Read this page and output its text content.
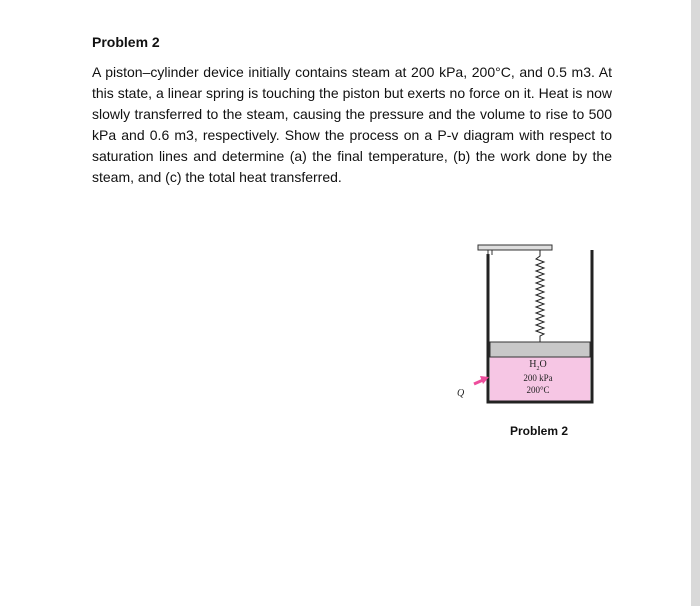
Problem 2

A piston–cylinder device initially contains steam at 200 kPa, 200°C, and 0.5 m3. At this state, a linear spring is touching the piston but exerts no force on it. Heat is now slowly transferred to the steam, causing the pressure and the volume to rise to 500 kPa and 0.6 m3, respectively. Show the process on a P-v diagram with respect to saturation lines and determine (a) the final temperature, (b) the work done by the steam, and (c) the total heat transferred.

$H_2O$
200 kPa
200°C
Q
Problem 2
